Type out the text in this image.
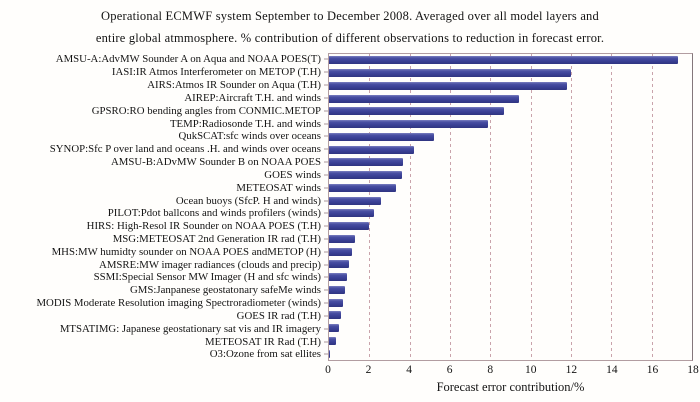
Operational ECMWF system September to December 2008. Averaged over all model layers and
entire global atmmosphere. % contribution of different observations to reduction in forecast error.
AMSU-A:AdvMW Sounder A on Aqua and NOAA POES(T)
IASI:IR Atmos Interferometer on METOP (T.H)
AIRS:Atmos IR Sounder on Aqua (T.H)
AIREP:Aircraft T.H. and winds
GPSRO:RO bending angles from CONMIC.METOP
TEMP:Radiosonde T.H. and winds
QukSCAT:sfc winds over oceans
SYNOP:Sfc P over land and oceans .H. and winds over oceans
AMSU-B:ADvMW Sounder B on NOAA POES
GOES winds
METEOSAT winds
Ocean buoys (SfcP. H and winds)
PILOT:Pdot ballcons and winds profilers (winds)
HIRS: High-Resol IR Sounder on NOAA POES (T.H)
MSG:METEOSAT 2nd Generation IR rad (T.H)
MHS:MW humidty sounder on NOAA POES andMETOP (H)
AMSRE:MW imager radiances (clouds and precip)
SSMI:Special Sensor MW Imager (H and sfc winds)
GMS:Janpanese geostatonary safeMe winds
MODIS Moderate Resolution imaging Spectroradiometer (winds)
GOES IR rad (T.H)
MTSATIMG: Japanese geostationary sat vis and IR imagery
METEOSAT IR Rad (T.H)
O3:Ozone from sat ellites
0	2	4	6	8	10	12	14	16	18
Forecast error contribution/%
